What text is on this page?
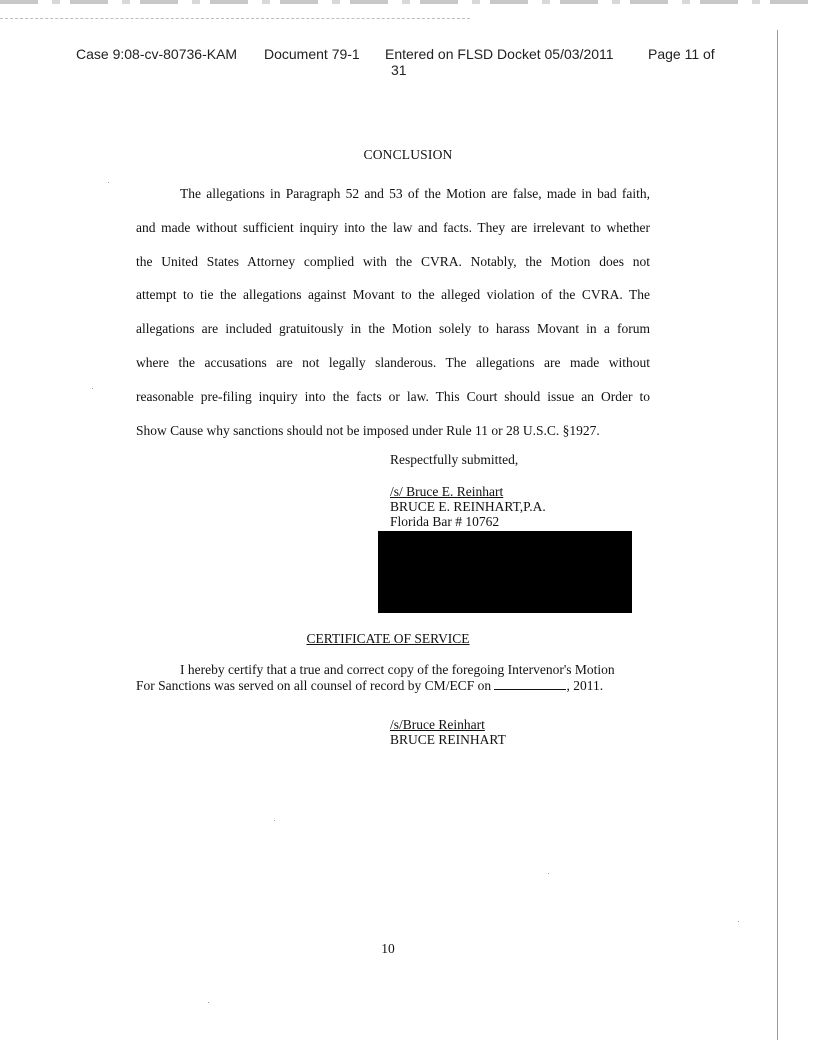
Case 9:08-cv-80736-KAM Document 79-1 Entered on FLSD Docket 05/03/2011 Page 11 of
31
CONCLUSION
The allegations in Paragraph 52 and 53 of the Motion are false, made in bad faith,
and made without sufficient inquiry into the law and facts. They are irrelevant to whether
the United States Attorney complied with the CVRA. Notably, the Motion does not
attempt to tie the allegations against Movant to the alleged violation of the CVRA. The
allegations are included gratuitously in the Motion solely to harass Movant in a forum
where the accusations are not legally slanderous. The allegations are made without
reasonable pre-filing inquiry into the facts or law. This Court should issue an Order to
Show Cause why sanctions should not be imposed under Rule 11 or 28 U.S.C. §1927.
Respectfully submitted,
/s/ Bruce E. Reinhart
BRUCE E. REINHART,P.A.
Florida Bar # 10762
CERTIFICATE OF SERVICE
I hereby certify that a true and correct copy of the foregoing Intervenor's Motion
For Sanctions was served on all counsel of record by CM/ECF on	, 2011.
/s/Bruce Reinhart
BRUCE REINHART
10
